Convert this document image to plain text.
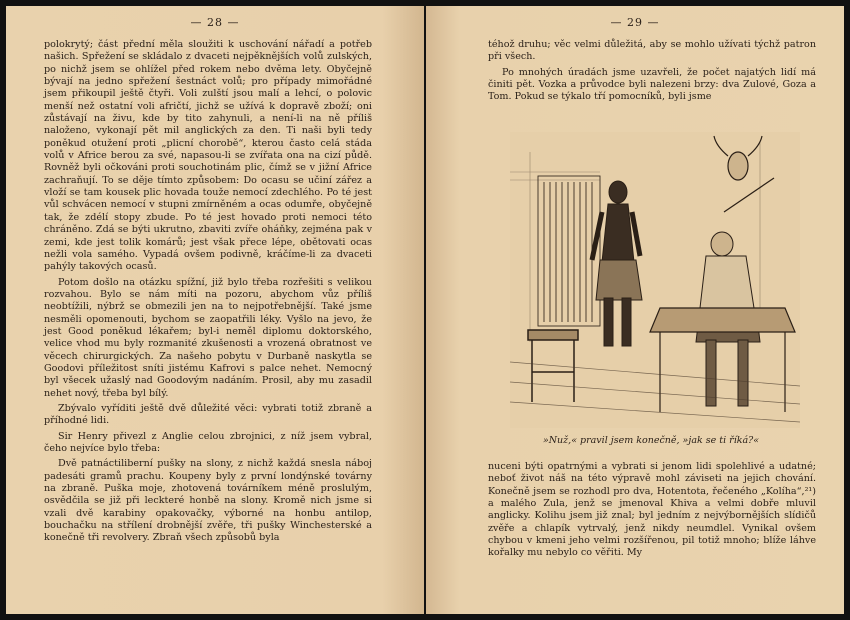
— 28 —

polokrytý; část přední měla sloužiti k uschování nářadí a potřeb našich. Spřežení se skládalo z dvaceti nejpěknějších volů zulských, po nichž jsem se ohlížel před rokem nebo dvěma lety. Obyčejně bývají na jedno spřežení šestnáct volů; pro případy mimořádné jsem přikoupil ještě čtyři. Voli zulští jsou malí a lehcí, o polovic menší než ostatní voli afričtí, jichž se užívá k dopravě zboží; oni zůstávají na živu, kde by tito zahynuli, a není-li na ně příliš naloženo, vykonají pět mil anglických za den. Ti naši byli tedy poněkud otužení proti „plicní chorobě“, kterou často celá stáda volů v Africe berou za své, napasou-li se zvířata ona na cizí půdě. Rovněž byli očkováni proti souchotinám plic, čímž se v jižní Africe zachraňují. To se děje tímto způsobem: Do ocasu se učiní zářez a vloží se tam kousek plic hovada touže nemocí zdechlého. Po té jest vůl schvácen nemocí v stupni zmírněném a ocas odumře, obyčejně tak, že zdélí stopy zbude. Po té jest hovado proti nemoci této chráněno. Zdá se býti ukrutno, zbaviti zvíře oháňky, zejména pak v zemi, kde jest tolik komárů; jest však přece lépe, obětovati ocas nežli vola samého. Vypadá ovšem podivně, kráčíme-li za dvaceti pahýly takových ocasů.

Potom došlo na otázku spížní, již bylo třeba rozřešiti s velikou rozvahou. Bylo se nám míti na pozoru, abychom vůz příliš neobtížili, nýbrž se obmezili jen na to nejpotřebnější. Také jsme nesměli opomenouti, bychom se zaopatřili léky. Vyšlo na jevo, že jest Good poněkud lékařem; byl-i neměl diplomu doktorského, velice vhod mu byly rozmanité zkušenosti a vrozená obratnost ve věcech chirurgických. Za našeho pobytu v Durbaně naskytla se Goodovi příležitost sníti jistému Kafrovi s palce nehet. Nemocný byl všecek užaslý nad Goodovým nadáním. Prosil, aby mu zasadil nehet nový, třeba byl bílý.

Zbývalo vyříditi ještě dvě důležité věci: vybrati totiž zbraně a příhodné lidi.

Sir Henry přivezl z Anglie celou zbrojnici, z níž jsem vybral, čeho nejvíce bylo třeba:

Dvě patnáctiliberní pušky na slony, z nichž každá snesla náboj padesáti gramů prachu. Koupeny byly z první londýnské továrny na zbraně. Puška moje, zhotovená továrníkem méně proslulým, osvědčila se již při leckteré honbě na slony. Kromě nich jsme si vzali dvě karabiny opakovačky, výborné na honbu antilop, bouchačku na střílení drobnější zvěře, tři pušky Winchesterské a konečně tři revolvery. Zbraň všech způsobů byla

— 29 —

téhož druhu; věc velmi důležitá, aby se mohlo užívati týchž patron při všech.

Po mnohých úradách jsme uzavřeli, že počet najatých lidí má činiti pět. Vozka a průvodce byli nalezeni brzy: dva Zulové, Goza a Tom. Pokud se týkalo tří pomocníků, byli jsme

»Nuž,« pravil jsem konečně, »jak se ti říká?«

nuceni býti opatrnými a vybrati si jenom lidi spolehlivé a udatné; neboť život náš na této výpravě mohl záviseti na jejich chování. Konečně jsem se rozhodl pro dva, Hotentota, řečeného „Kolíha“,²¹) a malého Zula, jenž se jmenoval Khiva a velmi dobře mluvil anglicky. Kolihu jsem již znal; byl jedním z nejvýbornějších slídičů zvěře a chlapík vytrvalý, jenž nikdy neumdlel. Vynikal ovšem chybou v kmeni jeho velmi rozšířenou, pil totiž mnoho; blíže láhve kořalky mu nebylo co věřiti. My
